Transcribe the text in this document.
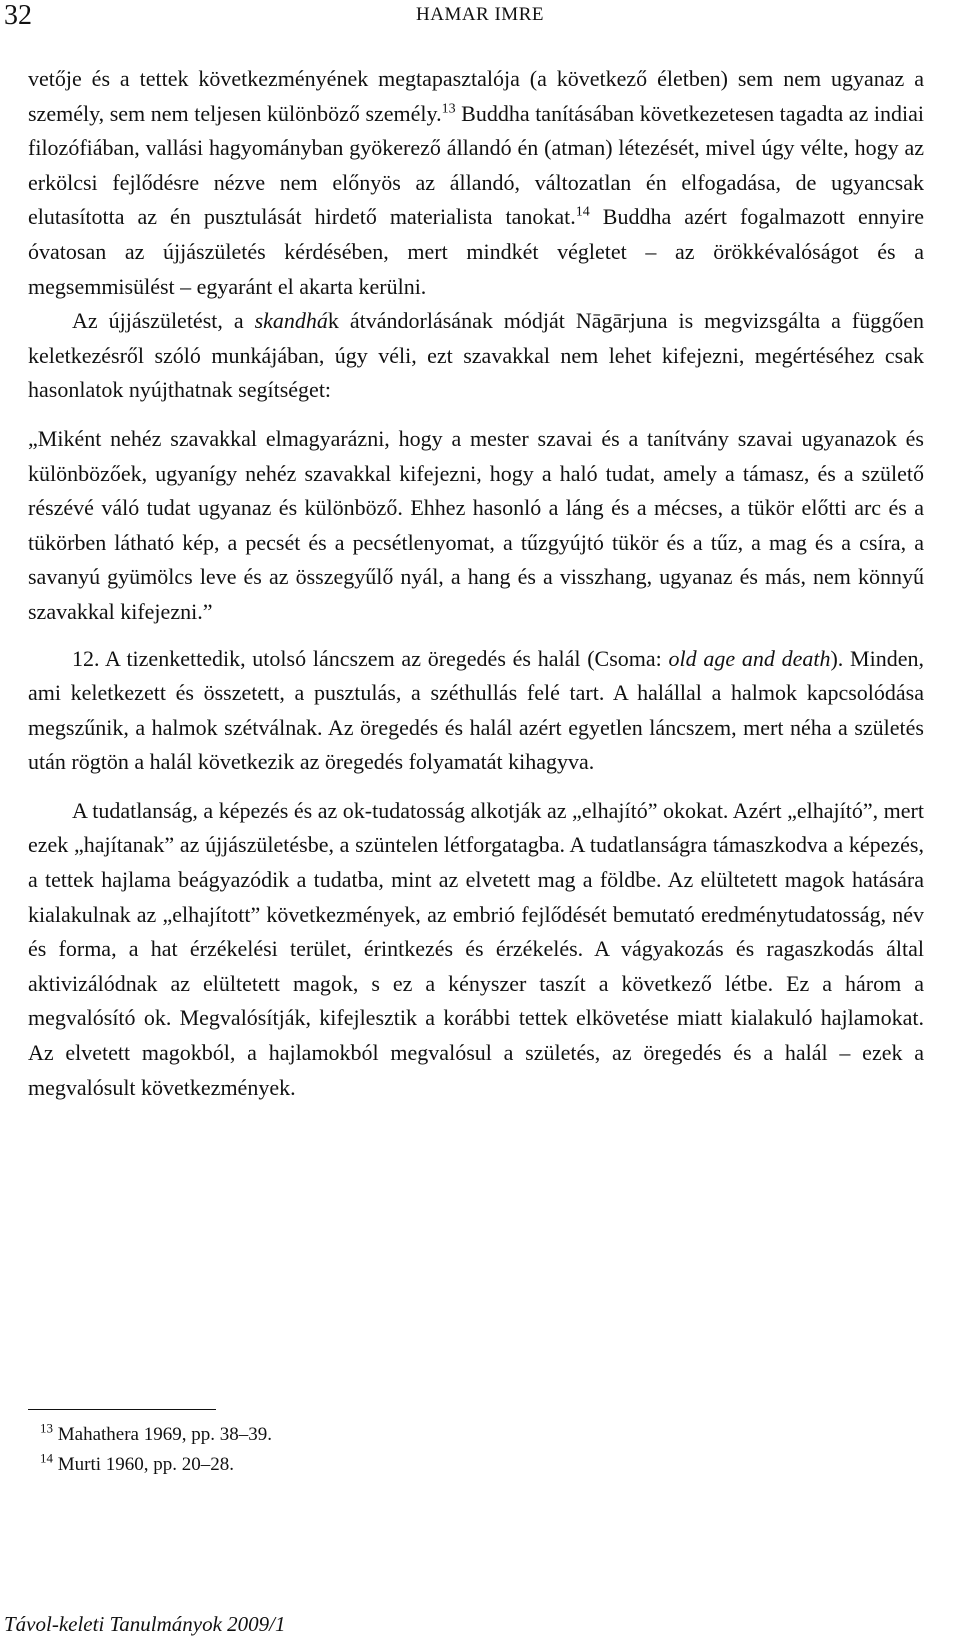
32	HAMAR IMRE

vetője és a tettek következményének megtapasztalója (a következő életben) sem nem ugyanaz a személy, sem nem teljesen különböző személy.$^{13}$ Buddha tanításában következetesen tagadta az indiai filozófiában, vallási hagyományban gyökerező állandó én (atman) létezését, mivel úgy vélte, hogy az erkölcsi fejlődésre nézve nem előnyös az állandó, változatlan én elfogadása, de ugyancsak elutasította az én pusztulását hirdető materialista tanokat.$^{14}$ Buddha azért fogalmazott ennyire óvatosan az újjászületés kérdésében, mert mindkét végletet – az örökkévalóságot és a megsemmisülést – egyaránt el akarta kerülni.

Az újjászületést, a skandhák átvándorlásának módját Nāgārjuna is megvizsgálta a függően keletkezésről szóló munkájában, úgy véli, ezt szavakkal nem lehet kifejezni, megértéséhez csak hasonlatok nyújthatnak segítséget:

„Miként nehéz szavakkal elmagyarázni, hogy a mester szavai és a tanítvány szavai ugyanazok és különbözőek, ugyanígy nehéz szavakkal kifejezni, hogy a haló tudat, amely a támasz, és a születő részévé váló tudat ugyanaz és különböző. Ehhez hasonló a láng és a mécses, a tükör előtti arc és a tükörben látható kép, a pecsét és a pecsétlenyomat, a tűzgyújtó tükör és a tűz, a mag és a csíra, a savanyú gyümölcs leve és az összegyűlő nyál, a hang és a visszhang, ugyanaz és más, nem könnyű szavakkal kifejezni.”

12. A tizenkettedik, utolsó láncszem az öregedés és halál (Csoma: old age and death). Minden, ami keletkezett és összetett, a pusztulás, a széthullás felé tart. A halállal a halmok kapcsolódása megszűnik, a halmok szétválnak. Az öregedés és halál azért egyetlen láncszem, mert néha a születés után rögtön a halál következik az öregedés folyamatát kihagyva.

A tudatlanság, a képezés és az ok-tudatosság alkotják az „elhajító” okokat. Azért „elhajító”, mert ezek „hajítanak” az újjászületésbe, a szüntelen létforgatagba. A tudatlanságra támaszkodva a képezés, a tettek hajlama beágyazódik a tudatba, mint az elvetett mag a földbe. Az elültetett magok hatására kialakulnak az „elhajított” következmények, az embrió fejlődését bemutató eredménytudatosság, név és forma, a hat érzékelési terület, érintkezés és érzékelés. A vágyakozás és ragaszkodás által aktivizálódnak az elültetett magok, s ez a kényszer taszít a következő létbe. Ez a három a megvalósító ok. Megvalósítják, kifejlesztik a korábbi tettek elkövetése miatt kialakuló hajlamokat. Az elvetett magokból, a hajlamokból megvalósul a születés, az öregedés és a halál – ezek a megvalósult következmények.

$^{13}$ Mahathera 1969, pp. 38–39.
$^{14}$ Murti 1960, pp. 20–28.
Távol-keleti Tanulmányok 2009/1
